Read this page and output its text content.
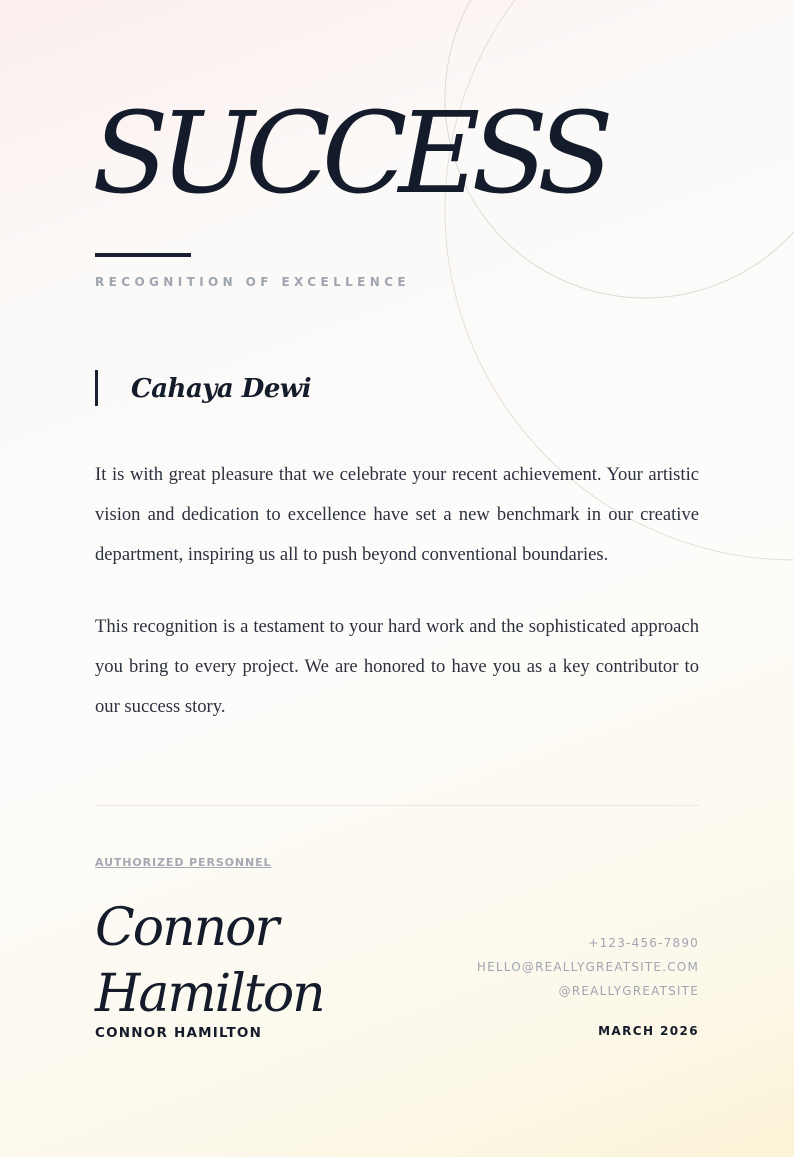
SUCCESS
RECOGNITION OF EXCELLENCE
Cahaya Dewi

It is with great pleasure that we celebrate your recent achievement. Your artistic vision and dedication to excellence have set a new benchmark in our creative department, inspiring us all to push beyond conventional boundaries.

This recognition is a testament to your hard work and the sophisticated approach you bring to every project. We are honored to have you as a key contributor to our success story.

AUTHORIZED PERSONNEL
Connor Hamilton
CONNOR HAMILTON
+123-456-7890
HELLO@REALLYGREATSITE.COM
@REALLYGREATSITE
MARCH 2026
